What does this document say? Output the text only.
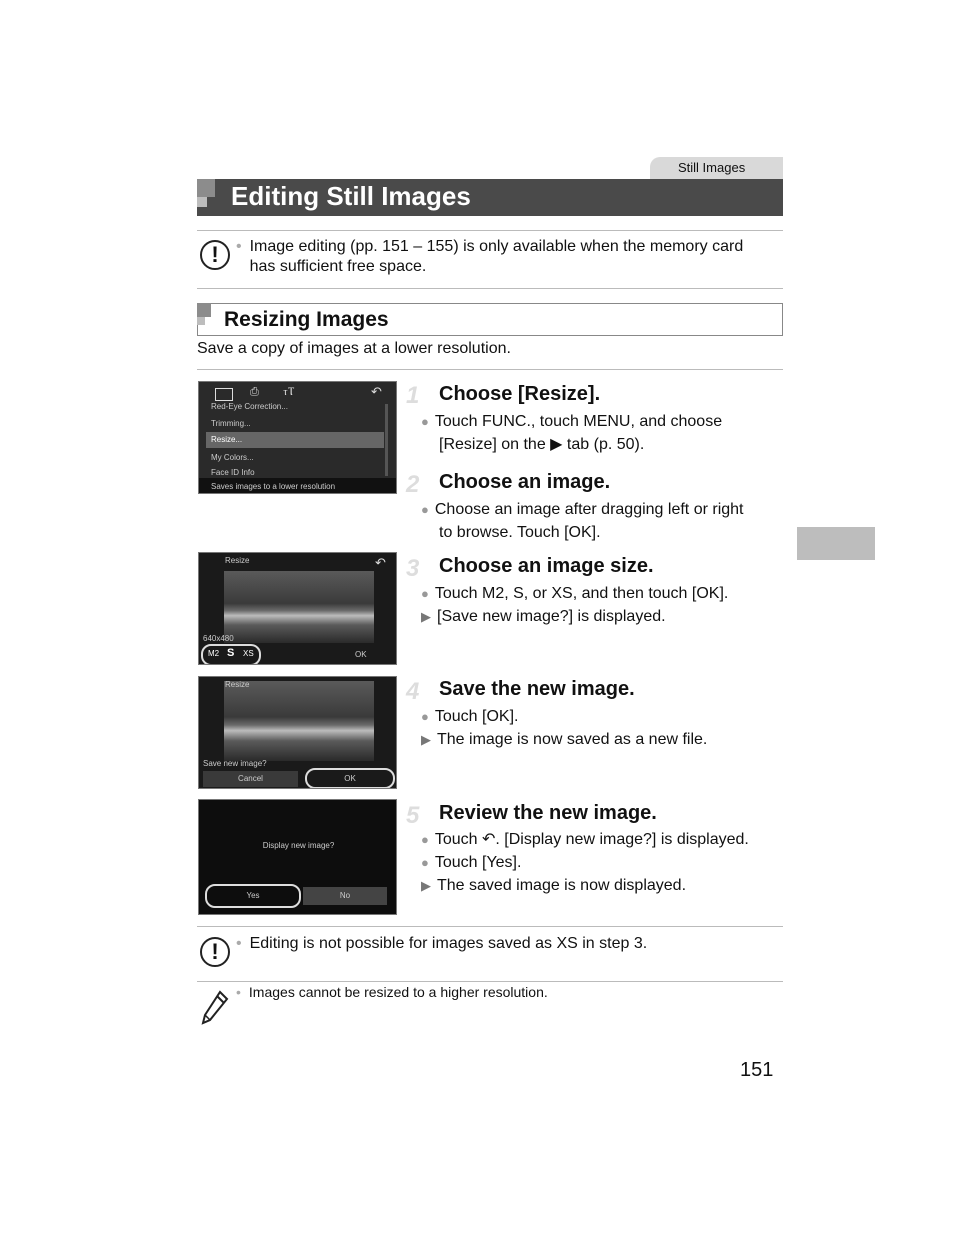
Still Images
Editing Still Images
!	• Image editing (pp. 151 – 155) is only available when the memory card has sufficient free space.
Resizing Images
Save a copy of images at a lower resolution.
⎙ ⲧⲦ	↶
Red-Eye Correction...
Trimming...
Resize...
My Colors...
Face ID Info
Saves images to a lower resolution
Resize	↶
640x480
M2 S XS	OK
Resize
Save new image?
Cancel	OK
Display new image?
Yes	No
1 Choose [Resize].
● Touch FUNC., touch MENU, and choose
[Resize] on the ▶ tab (p. 50).
2 Choose an image.
● Choose an image after dragging left or right
to browse. Touch [OK].
3 Choose an image size.
● Touch M2, S, or XS, and then touch [OK].
▶ [Save new image?] is displayed.
4 Save the new image.
● Touch [OK].
▶ The image is now saved as a new file.
5 Review the new image.
● Touch ↶. [Display new image?] is displayed.
● Touch [Yes].
▶ The saved image is now displayed.
!	• Editing is not possible for images saved as XS in step 3.
• Images cannot be resized to a higher resolution.
151
